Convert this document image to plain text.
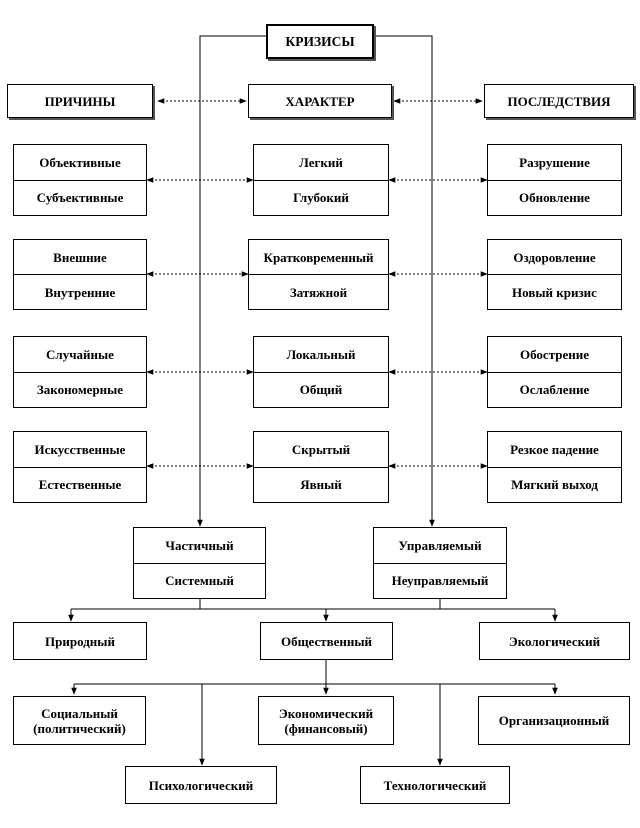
КРИЗИСЫ
ПРИЧИНЫ	ХАРАКТЕР	ПОСЛЕДСТВИЯ
Объективные
Субъективные
Легкий
Глубокий
Разрушение
Обновление
Внешние
Внутренние
Кратковременный
Затяжной
Оздоровление
Новый кризис
Случайные
Закономерные
Локальный
Общий
Обострение
Ослабление
Искусственные
Естественные
Скрытый
Явный
Резкое падение
Мягкий выход
Частичный
Системный
Управляемый
Неуправляемый
Природный	Общественный	Экологический
Социальный
(политический)
Экономический
(финансовый)	Организационный
Психологический	Технологический
